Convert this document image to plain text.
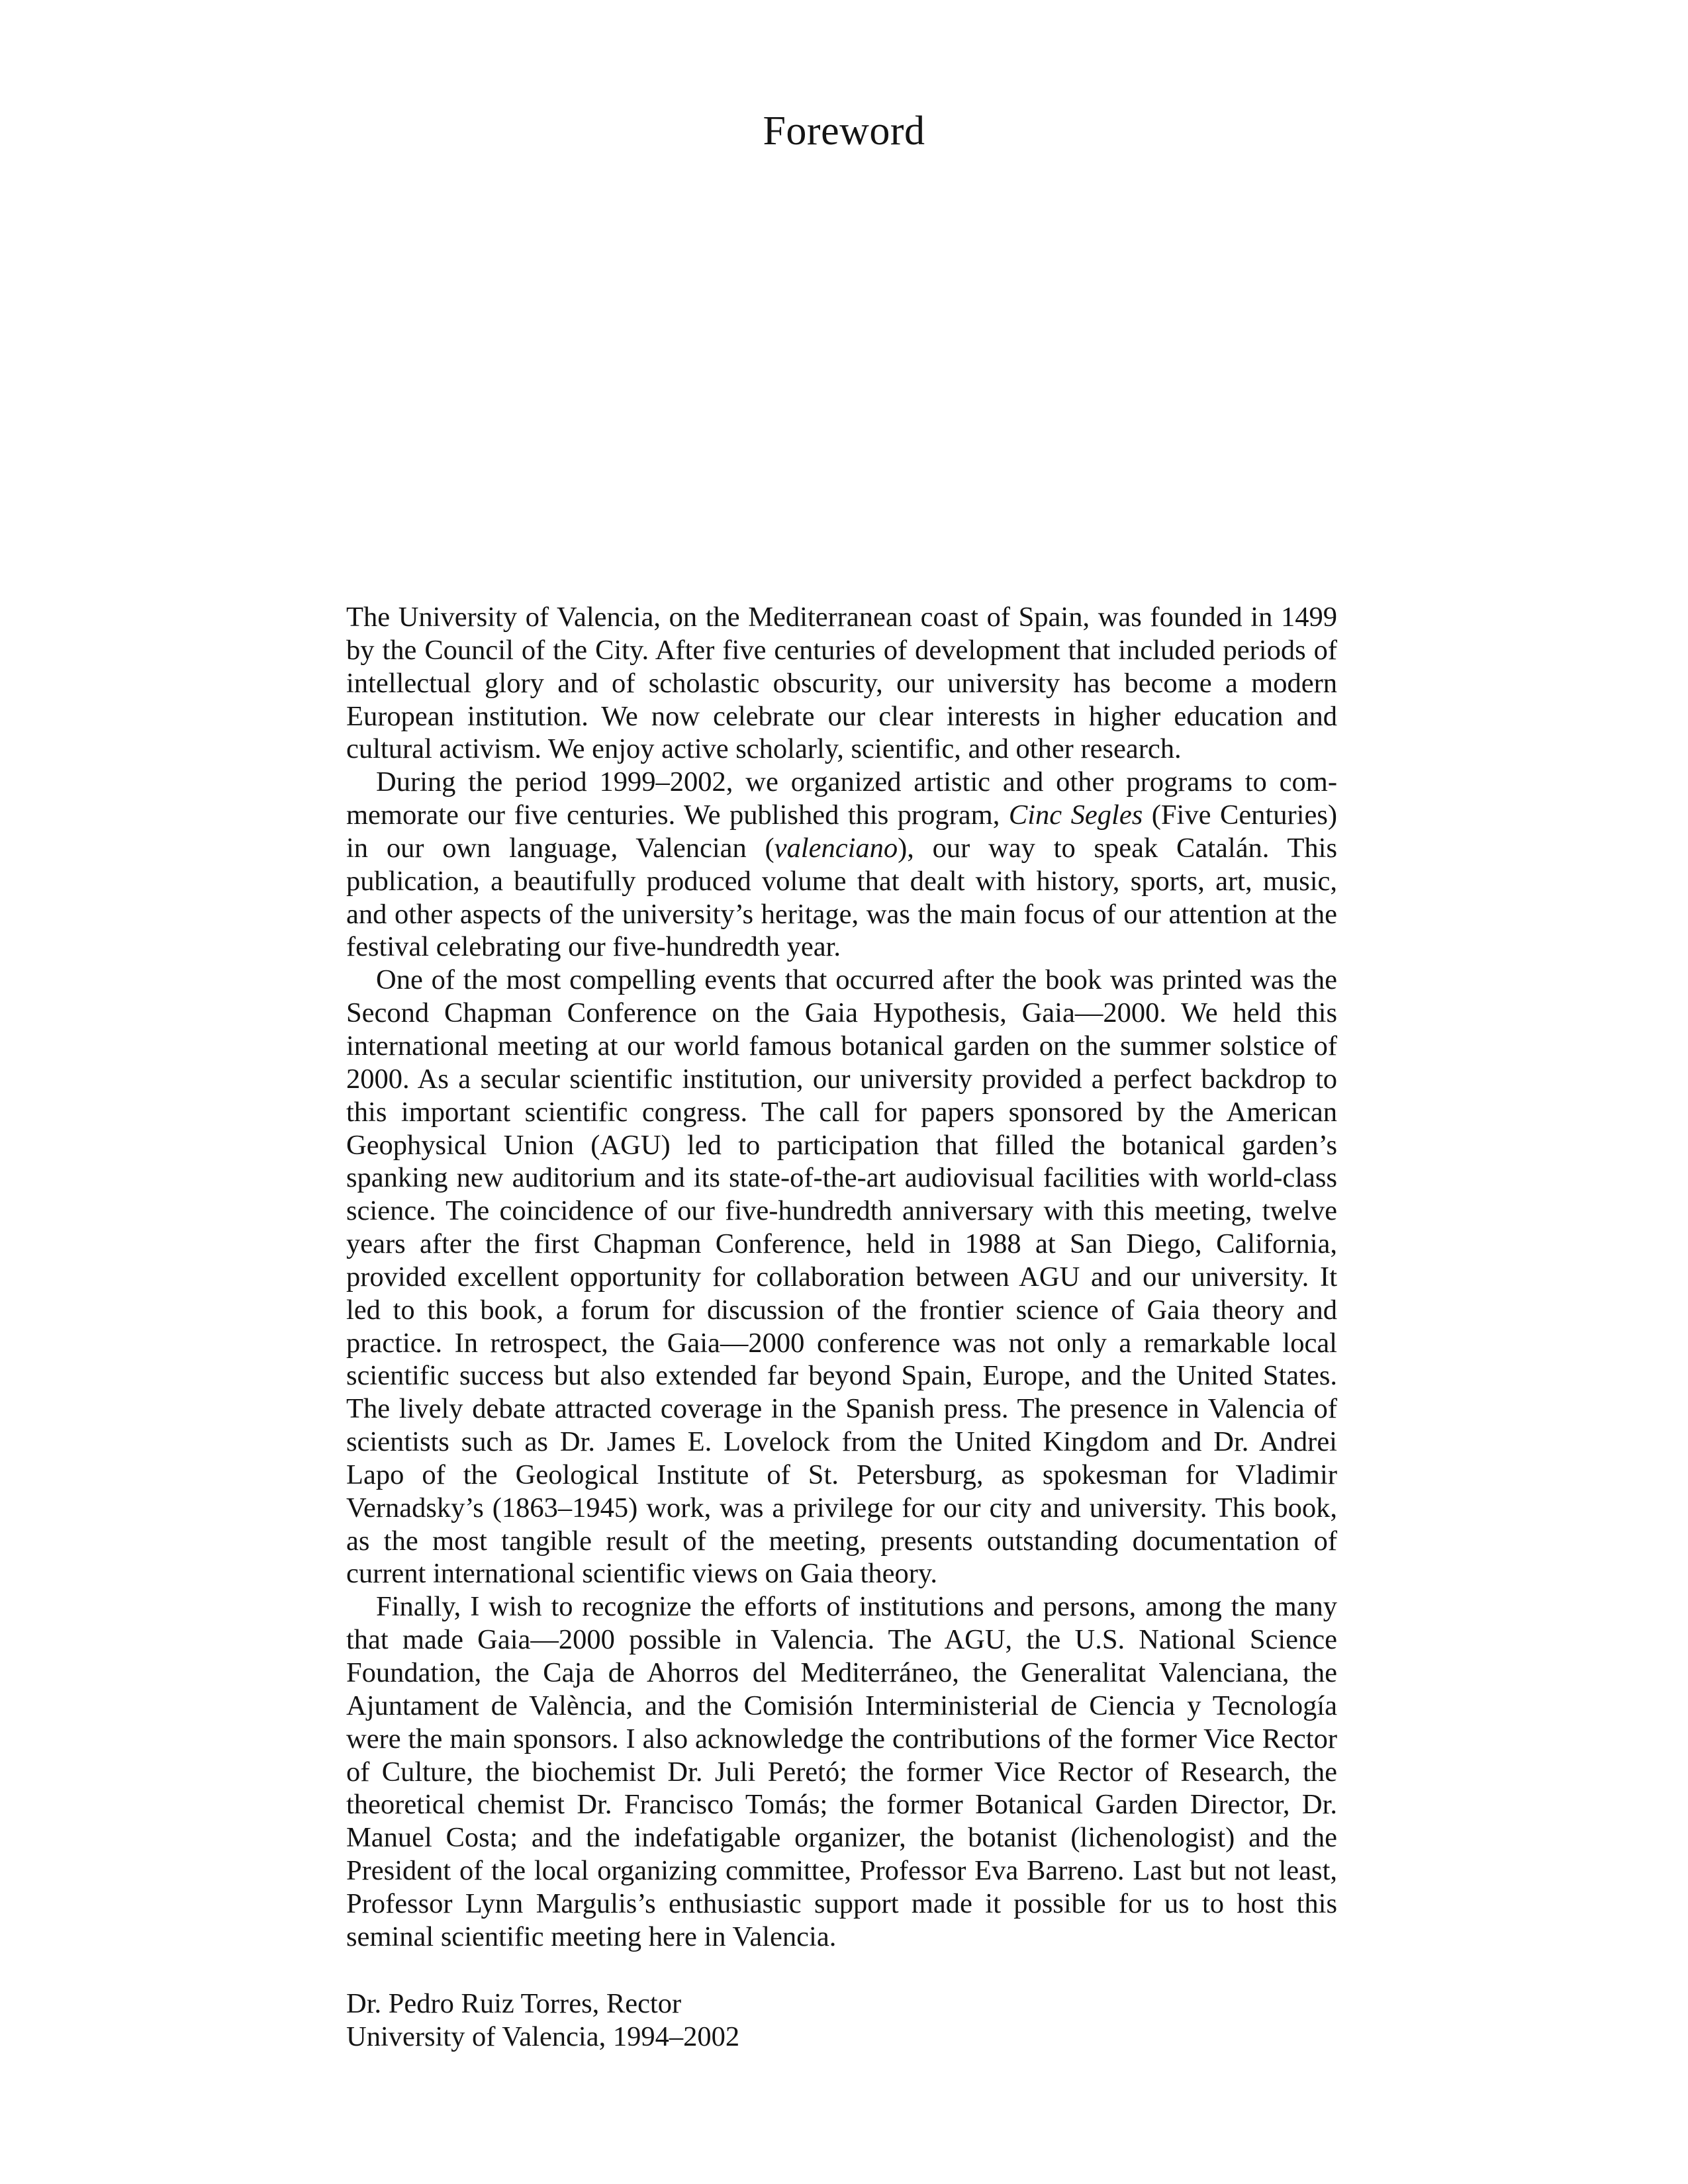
Foreword

The University of Valencia, on the Mediterranean coast of Spain, was founded in 1499 by the Council of the City. After five centuries of development that included periods of intellectual glory and of scholastic obscurity, our university has become a modern European institution. We now celebrate our clear interests in higher education and cultural activism. We enjoy active scholarly, scientific, and other research.

During the period 1999–2002, we organized artistic and other programs to commemorate our five centuries. We published this program, Cinc Segles (Five Centuries) in our own language, Valencian (valenciano), our way to speak Catalán. This publication, a beautifully produced volume that dealt with history, sports, art, music, and other aspects of the university’s heritage, was the main focus of our attention at the festival celebrating our five-hundredth year.

One of the most compelling events that occurred after the book was printed was the Second Chapman Conference on the Gaia Hypothesis, Gaia—2000. We held this international meeting at our world famous botanical garden on the summer solstice of 2000. As a secular scientific institution, our university provided a perfect backdrop to this important scientific congress. The call for papers sponsored by the American Geophysical Union (AGU) led to participation that filled the botanical garden’s spanking new auditorium and its state-of-the-art audiovisual facilities with world-class science. The coincidence of our five-hundredth anniversary with this meeting, twelve years after the first Chapman Conference, held in 1988 at San Diego, California, provided excellent opportunity for collaboration between AGU and our university. It led to this book, a forum for discussion of the frontier science of Gaia theory and practice. In retrospect, the Gaia—2000 conference was not only a remarkable local scientific success but also extended far beyond Spain, Europe, and the United States. The lively debate attracted coverage in the Spanish press. The presence in Valencia of scientists such as Dr. James E. Lovelock from the United Kingdom and Dr. Andrei Lapo of the Geological Institute of St. Petersburg, as spokesman for Vladimir Vernadsky’s (1863–1945) work, was a privilege for our city and university. This book, as the most tangible result of the meeting, presents outstanding documentation of current international scientific views on Gaia theory.

Finally, I wish to recognize the efforts of institutions and persons, among the many that made Gaia—2000 possible in Valencia. The AGU, the U.S. National Science Foundation, the Caja de Ahorros del Mediterráneo, the Generalitat Valenciana, the Ajuntament de València, and the Comisión Interministerial de Ciencia y Tecnología were the main sponsors. I also acknowledge the contributions of the former Vice Rector of Culture, the biochemist Dr. Juli Peretó; the former Vice Rector of Research, the theoretical chemist Dr. Francisco Tomás; the former Botanical Garden Director, Dr. Manuel Costa; and the indefatigable organizer, the botanist (lichenologist) and the President of the local organizing committee, Professor Eva Barreno. Last but not least, Professor Lynn Margulis’s enthusiastic support made it possible for us to host this seminal scientific meeting here in Valencia.

Dr. Pedro Ruiz Torres, Rector
University of Valencia, 1994–2002
